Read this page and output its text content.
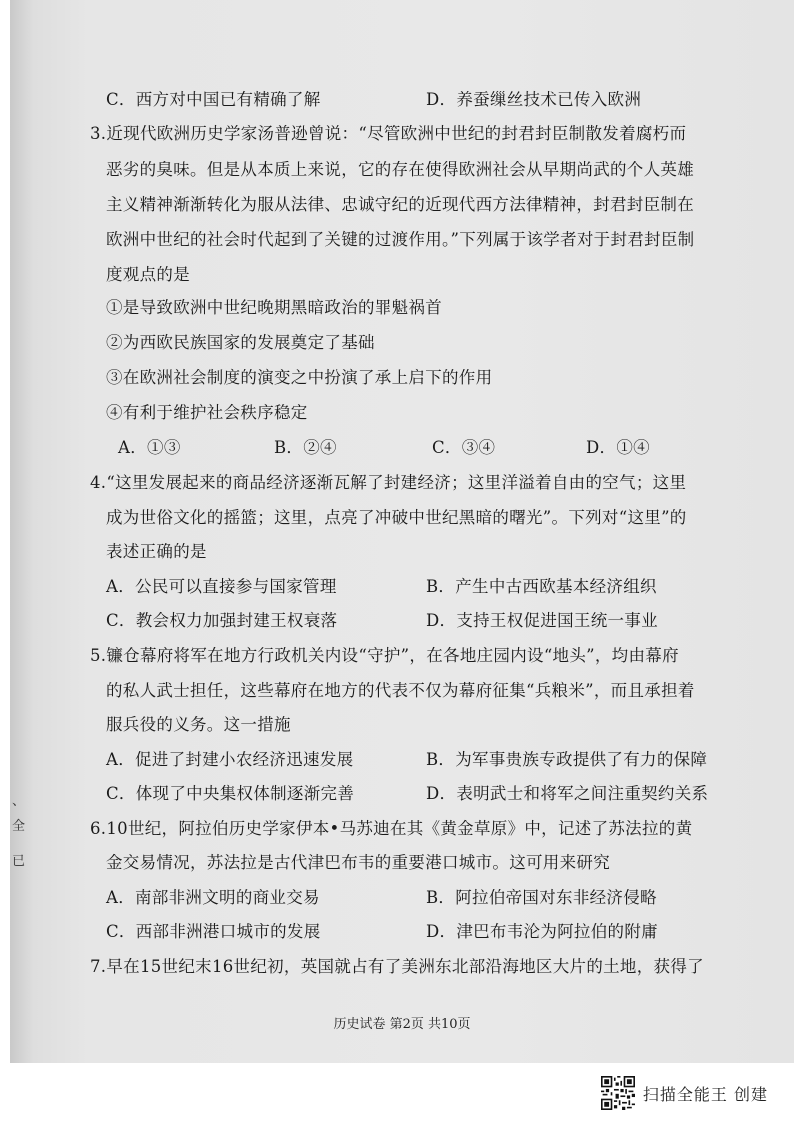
、
全
已
C．西方对中国已有精确了解	D．养蚕缫丝技术已传入欧洲
3.近现代欧洲历史学家汤普逊曾说：“尽管欧洲中世纪的封君封臣制散发着腐朽而
恶劣的臭味。但是从本质上来说，它的存在使得欧洲社会从早期尚武的个人英雄
主义精神渐渐转化为服从法律、忠诚守纪的近现代西方法律精神，封君封臣制在
欧洲中世纪的社会时代起到了关键的过渡作用。”下列属于该学者对于封君封臣制
度观点的是
①是导致欧洲中世纪晚期黑暗政治的罪魁祸首
②为西欧民族国家的发展奠定了基础
③在欧洲社会制度的演变之中扮演了承上启下的作用
④有利于维护社会秩序稳定
A．①③	B．②④	C．③④	D．①④
4.“这里发展起来的商品经济逐渐瓦解了封建经济；这里洋溢着自由的空气；这里
成为世俗文化的摇篮；这里，点亮了冲破中世纪黑暗的曙光”。下列对“这里”的
表述正确的是
A．公民可以直接参与国家管理	B．产生中古西欧基本经济组织
C．教会权力加强封建王权衰落	D．支持王权促进国王统一事业
5.镰仓幕府将军在地方行政机关内设“守护”，在各地庄园内设“地头”，均由幕府
的私人武士担任，这些幕府在地方的代表不仅为幕府征集“兵粮米”，而且承担着
服兵役的义务。这一措施
A．促进了封建小农经济迅速发展	B．为军事贵族专政提供了有力的保障
C．体现了中央集权体制逐渐完善	D．表明武士和将军之间注重契约关系
6.10世纪，阿拉伯历史学家伊本•马苏迪在其《黄金草原》中，记述了苏法拉的黄
金交易情况，苏法拉是古代津巴布韦的重要港口城市。这可用来研究
A．南部非洲文明的商业交易	B．阿拉伯帝国对东非经济侵略
C．西部非洲港口城市的发展	D．津巴布韦沦为阿拉伯的附庸
7.早在15世纪末16世纪初，英国就占有了美洲东北部沿海地区大片的土地，获得了
历史试卷 第2页 共10页
扫描全能王 创建
